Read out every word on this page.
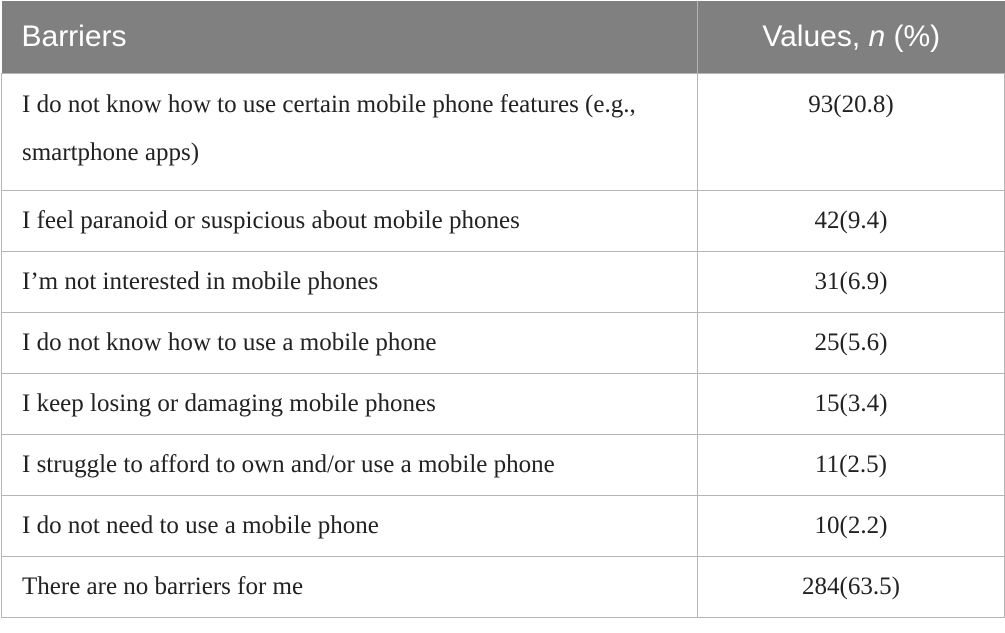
Barriers	Values, n (%)

I do not know how to use certain mobile phone features (e.g., smartphone apps)	93(20.8)
I feel paranoid or suspicious about mobile phones	42(9.4)
I’m not interested in mobile phones	31(6.9)
I do not know how to use a mobile phone	25(5.6)
I keep losing or damaging mobile phones	15(3.4)
I struggle to afford to own and/or use a mobile phone	11(2.5)
I do not need to use a mobile phone	10(2.2)
There are no barriers for me	284(63.5)
